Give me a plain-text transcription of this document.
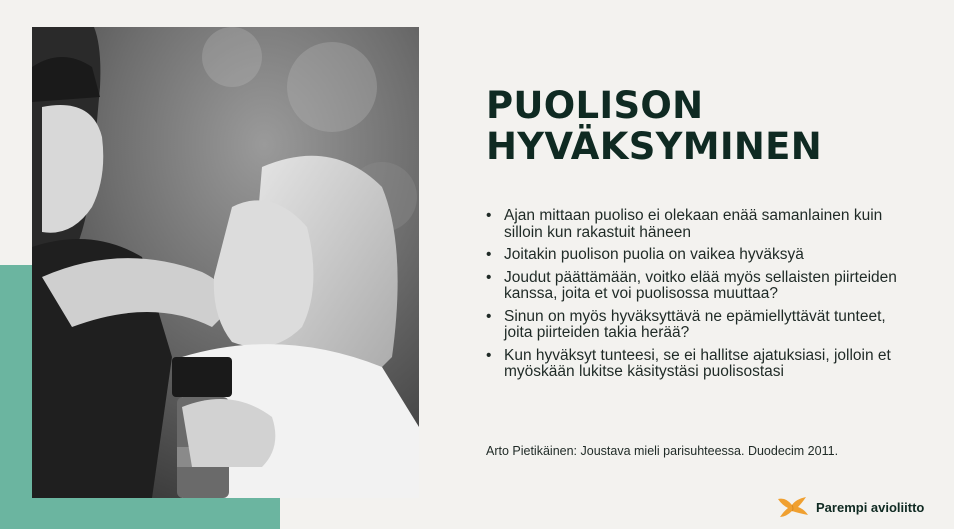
PUOLISON
HYVÄKSYMINEN
• Ajan mittaan puoliso ei olekaan enää samanlainen kuin silloin kun rakastuit häneen
• Joitakin puolison puolia on vaikea hyväksyä
• Joudut päättämään, voitko elää myös sellaisten piirteiden kanssa, joita et voi puolisossa muuttaa?
• Sinun on myös hyväksyttävä ne epämiellyttävät tunteet, joita piirteiden takia herää?
• Kun hyväksyt tunteesi, se ei hallitse ajatuksiasi, jolloin et myöskään lukitse käsitystäsi puolisostasi

Arto Pietikäinen: Joustava mieli parisuhteessa. Duodecim 2011.

Parempi avioliitto
